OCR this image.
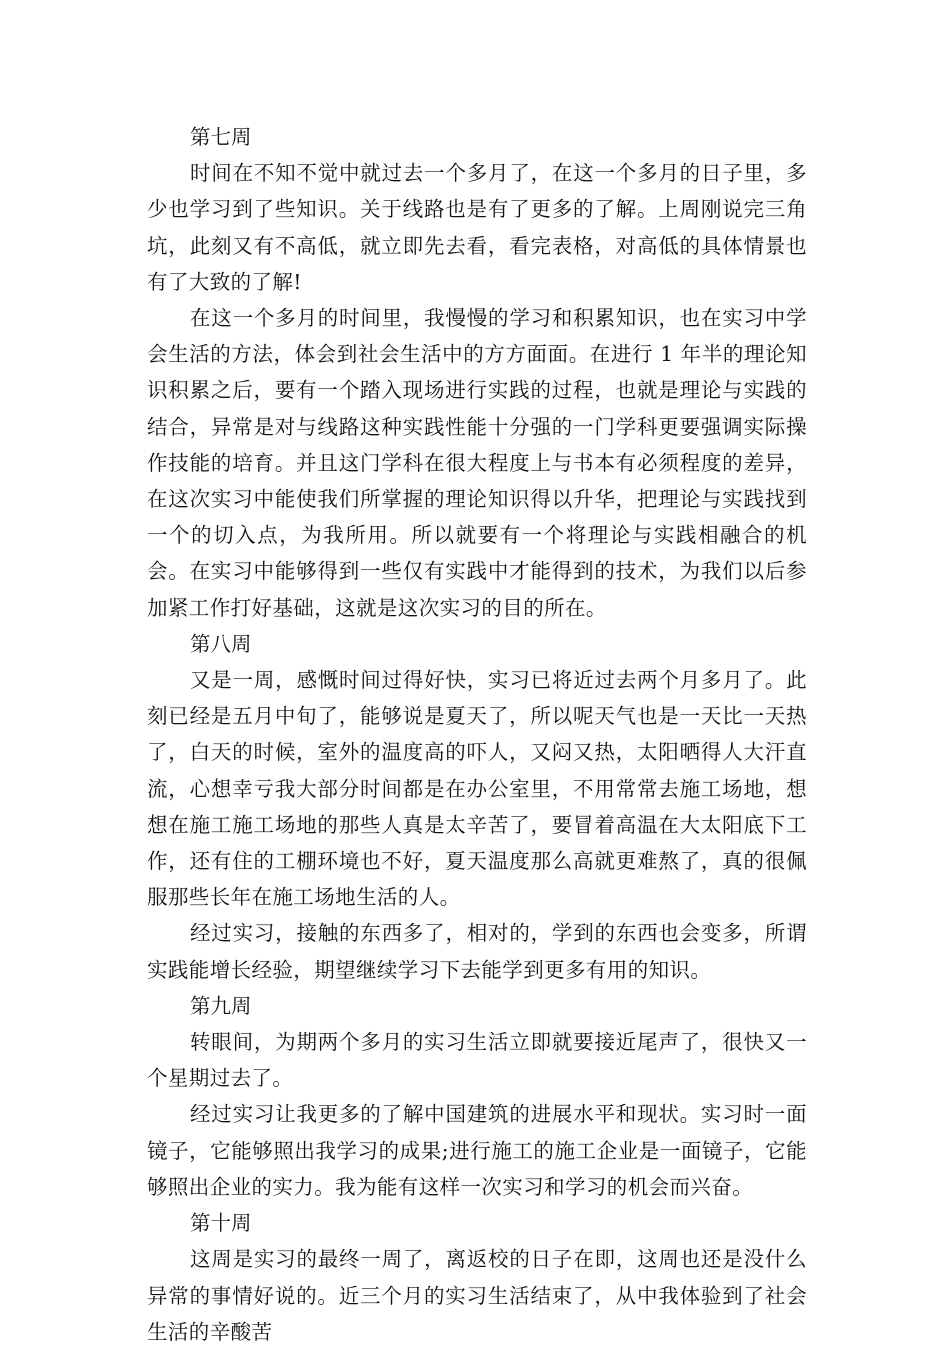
第七周

时间在不知不觉中就过去一个多月了，在这一个多月的日子里，多少也学习到了些知识。关于线路也是有了更多的了解。上周刚说完三角坑，此刻又有不高低，就立即先去看，看完表格，对高低的具体情景也有了大致的了解!

在这一个多月的时间里，我慢慢的学习和积累知识，也在实习中学会生活的方法，体会到社会生活中的方方面面。在进行 1 年半的理论知识积累之后，要有一个踏入现场进行实践的过程，也就是理论与实践的结合，异常是对与线路这种实践性能十分强的一门学科更要强调实际操作技能的培育。并且这门学科在很大程度上与书本有必须程度的差异，在这次实习中能使我们所掌握的理论知识得以升华，把理论与实践找到一个的切入点，为我所用。所以就要有一个将理论与实践相融合的机会。在实习中能够得到一些仅有实践中才能得到的技术，为我们以后参加紧工作打好基础，这就是这次实习的目的所在。

第八周

又是一周，感慨时间过得好快，实习已将近过去两个月多月了。此刻已经是五月中旬了，能够说是夏天了，所以呢天气也是一天比一天热了，白天的时候，室外的温度高的吓人，又闷又热，太阳晒得人大汗直流，心想幸亏我大部分时间都是在办公室里，不用常常去施工场地，想想在施工施工场地的那些人真是太辛苦了，要冒着高温在大太阳底下工作，还有住的工棚环境也不好，夏天温度那么高就更难熬了，真的很佩服那些长年在施工场地生活的人。

经过实习，接触的东西多了，相对的，学到的东西也会变多，所谓实践能增长经验，期望继续学习下去能学到更多有用的知识。

第九周

转眼间，为期两个多月的实习生活立即就要接近尾声了，很快又一个星期过去了。

经过实习让我更多的了解中国建筑的进展水平和现状。实习时一面镜子，它能够照出我学习的成果;进行施工的施工企业是一面镜子，它能够照出企业的实力。我为能有这样一次实习和学习的机会而兴奋。

第十周

这周是实习的最终一周了，离返校的日子在即，这周也还是没什么异常的事情好说的。近三个月的实习生活结束了，从中我体验到了社会生活的辛酸苦
